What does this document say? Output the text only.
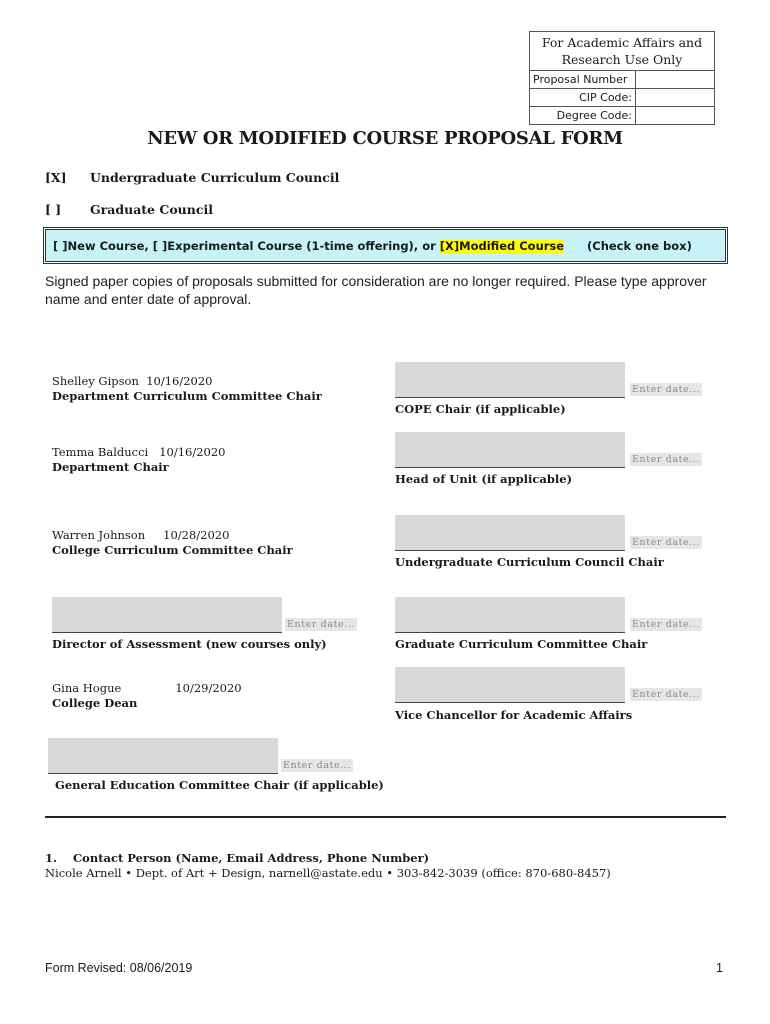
For Academic Affairs and Research Use Only
Proposal Number
CIP Code:
Degree Code:
NEW OR MODIFIED COURSE PROPOSAL FORM
[X]	Undergraduate Curriculum Council
[ ]	Graduate Council
[ ]New Course, [ ]Experimental Course (1-time offering), or [X]Modified Course (Check one box)
Signed paper copies of proposals submitted for consideration are no longer required. Please type approver name and enter date of approval.
Shelley Gipson 10/16/2020
Department Curriculum Committee Chair
Temma Balducci 10/16/2020
Department Chair
Warren Johnson 10/28/2020
College Curriculum Committee Chair
Enter date...
Director of Assessment (new courses only)
Gina Hogue	10/29/2020
College Dean
Enter date...
General Education Committee Chair (if applicable)
Enter date...
COPE Chair (if applicable)
Enter date...
Head of Unit (if applicable)
Enter date...
Undergraduate Curriculum Council Chair
Enter date...
Graduate Curriculum Committee Chair
Enter date...
Vice Chancellor for Academic Affairs
1.    Contact Person (Name, Email Address, Phone Number)
Nicole Arnell • Dept. of Art + Design, narnell@astate.edu • 303-842-3039 (office: 870-680-8457)
Form Revised: 08/06/2019	1
